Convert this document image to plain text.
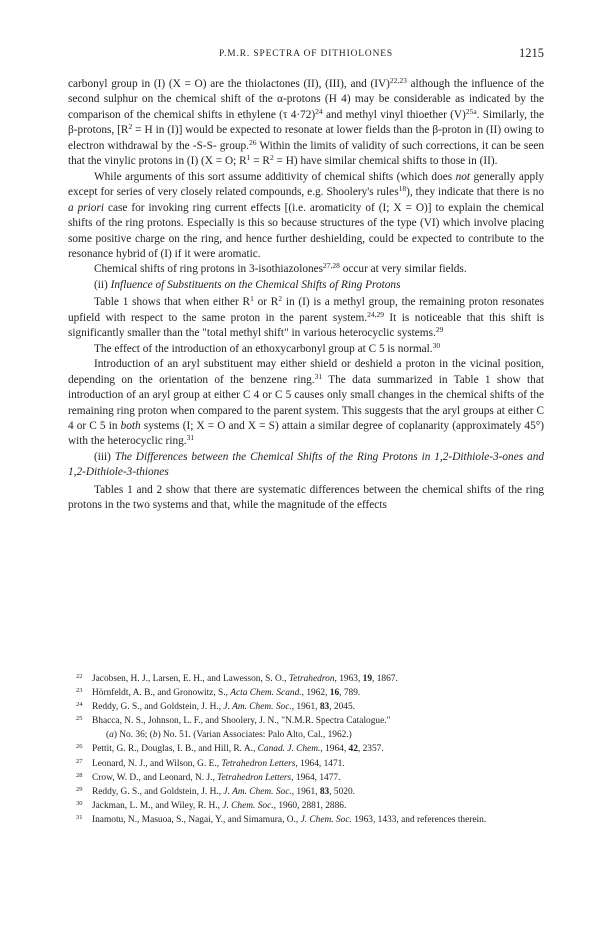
P.M.R. SPECTRA OF DITHIOLONES	1215

carbonyl group in (I) (X = O) are the thiolactones (II), (III), and (IV)$^{22,23}$ although the influence of the second sulphur on the chemical shift of the α-protons (H 4) may be considerable as indicated by the comparison of the chemical shifts in ethylene (τ 4·72)$^{24}$ and methyl vinyl thioether $(V)^{25a}$. Similarly, the β-protons, [$R^2 = H$ in (I)] would be expected to resonate at lower fields than the β-proton in (II) owing to electron withdrawal by the -S-S- group.$^{26}$ Within the limits of validity of such corrections, it can be seen that the vinylic protons in (I) (X = O; $R^1 = R^2 = H$) have similar chemical shifts to those in (II).

While arguments of this sort assume additivity of chemical shifts (which does not generally apply except for series of very closely related compounds, e.g. Shoolery's rules$^{18}$), they indicate that there is no a priori case for invoking ring current effects [(i.e. aromaticity of (I; X = O)] to explain the chemical shifts of the ring protons. Especially is this so because structures of the type (VI) which involve placing some positive charge on the ring, and hence further deshielding, could be expected to contribute to the resonance hybrid of (I) if it were aromatic.

Chemical shifts of ring protons in 3-isothiazolones$^{27,28}$ occur at very similar fields.

(ii) Influence of Substituents on the Chemical Shifts of Ring Protons

Table 1 shows that when either $R^1$ or $R^2$ in (I) is a methyl group, the remaining proton resonates upfield with respect to the same proton in the parent system.$^{24,29}$ It is noticeable that this shift is significantly smaller than the "total methyl shift" in various heterocyclic systems.$^{29}$

The effect of the introduction of an ethoxycarbonyl group at C 5 is normal.$^{30}$

Introduction of an aryl substituent may either shield or deshield a proton in the vicinal position, depending on the orientation of the benzene ring.$^{31}$ The data summarized in Table 1 show that introduction of an aryl group at either C 4 or C 5 causes only small changes in the chemical shifts of the remaining ring proton when compared to the parent system. This suggests that the aryl groups at either C 4 or C 5 in both systems (I; X = O and X = S) attain a similar degree of coplanarity (approximately 45°) with the heterocyclic ring.$^{31}$

(iii) The Differences between the Chemical Shifts of the Ring Protons in 1,2-Dithiole-3-ones and 1,2-Dithiole-3-thiones

Tables 1 and 2 show that there are systematic differences between the chemical shifts of the ring protons in the two systems and that, while the magnitude of the effects

$^{22}$ Jacobsen, H. J., Larsen, E. H., and Lawesson, S. O., Tetrahedron, 1963, 19, 1867.
$^{23}$ Hörnfeldt, A. B., and Gronowitz, S., Acta Chem. Scand., 1962, 16, 789.
$^{24}$ Reddy, G. S., and Goldstein, J. H., J. Am. Chem. Soc., 1961, 83, 2045.
$^{25}$ Bhacca, N. S., Johnson, L. F., and Shoolery, J. N., "N.M.R. Spectra Catalogue."
(a) No. 36; (b) No. 51. (Varian Associates: Palo Alto, Cal., 1962.)
$^{26}$ Pettit, G. R., Douglas, I. B., and Hill, R. A., Canad. J. Chem., 1964, 42, 2357.
$^{27}$ Leonard, N. J., and Wilson, G. E., Tetrahedron Letters, 1964, 1471.
$^{28}$ Crow, W. D., and Leonard, N. J., Tetrahedron Letters, 1964, 1477.
$^{29}$ Reddy, G. S., and Goldstein, J. H., J. Am. Chem. Soc., 1961, 83, 5020.
$^{30}$ Jackman, L. M., and Wiley, R. H., J. Chem. Soc., 1960, 2881, 2886.
$^{31}$ Inamotu, N., Masuoa, S., Nagai, Y., and Simamura, O., J. Chem. Soc. 1963, 1433, and references therein.
